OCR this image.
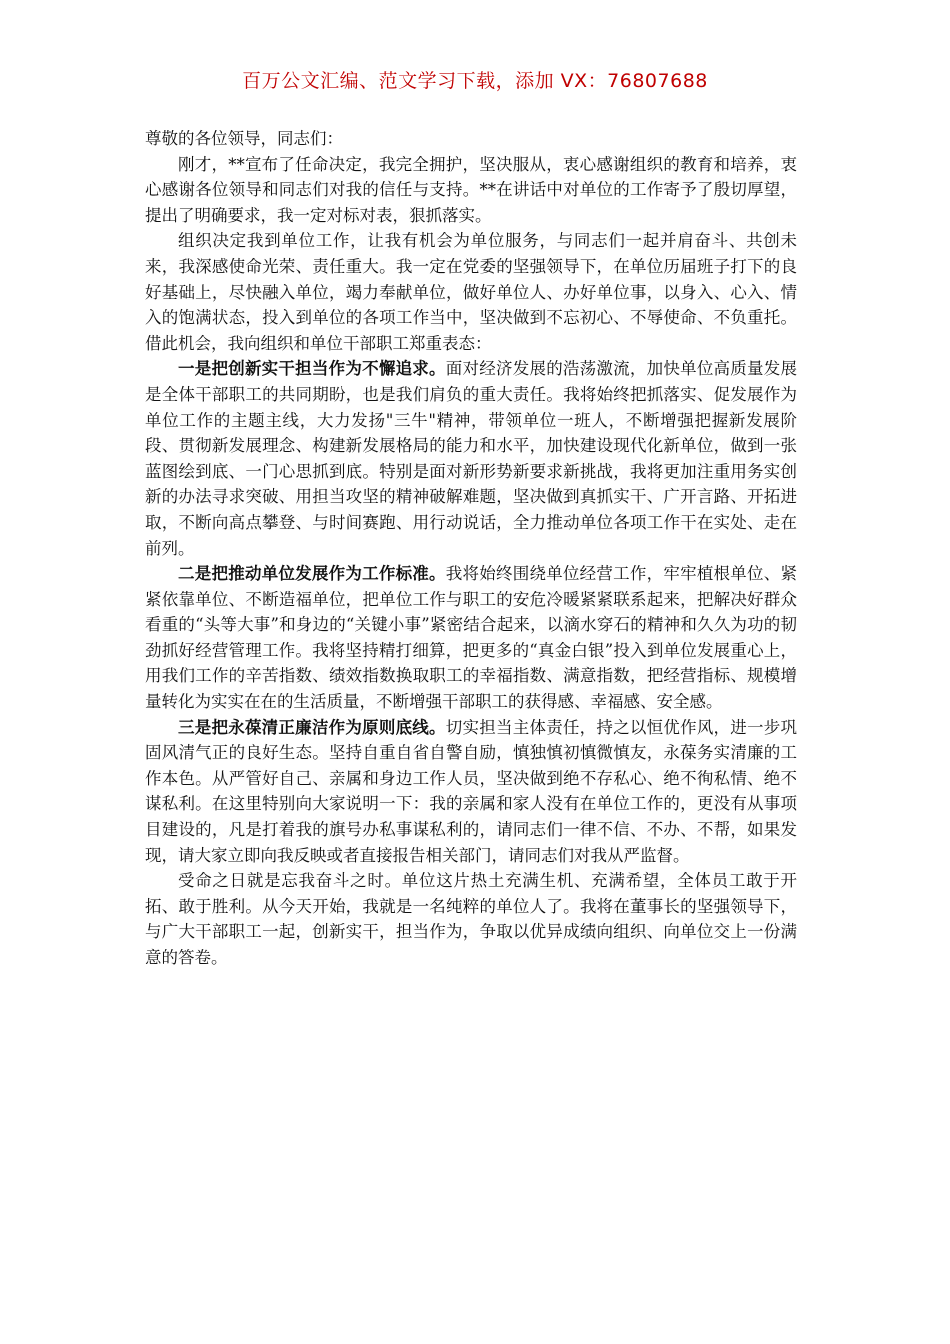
百万公文汇编、范文学习下载，添加 VX：76807688

尊敬的各位领导，同志们：

刚才，**宣布了任命决定，我完全拥护，坚决服从，衷心感谢组织的教育和培养，衷心感谢各位领导和同志们对我的信任与支持。**在讲话中对单位的工作寄予了殷切厚望，提出了明确要求，我一定对标对表，狠抓落实。

组织决定我到单位工作，让我有机会为单位服务，与同志们一起并肩奋斗、共创未来，我深感使命光荣、责任重大。我一定在党委的坚强领导下，在单位历届班子打下的良好基础上，尽快融入单位，竭力奉献单位，做好单位人、办好单位事，以身入、心入、情入的饱满状态，投入到单位的各项工作当中，坚决做到不忘初心、不辱使命、不负重托。借此机会，我向组织和单位干部职工郑重表态：

一是把创新实干担当作为不懈追求。面对经济发展的浩荡激流，加快单位高质量发展是全体干部职工的共同期盼，也是我们肩负的重大责任。我将始终把抓落实、促发展作为单位工作的主题主线，大力发扬"三牛"精神，带领单位一班人，不断增强把握新发展阶段、贯彻新发展理念、构建新发展格局的能力和水平，加快建设现代化新单位，做到一张蓝图绘到底、一门心思抓到底。特别是面对新形势新要求新挑战，我将更加注重用务实创新的办法寻求突破、用担当攻坚的精神破解难题，坚决做到真抓实干、广开言路、开拓进取，不断向高点攀登、与时间赛跑、用行动说话，全力推动单位各项工作干在实处、走在前列。

二是把推动单位发展作为工作标准。我将始终围绕单位经营工作，牢牢植根单位、紧紧依靠单位、不断造福单位，把单位工作与职工的安危冷暖紧紧联系起来，把解决好群众看重的“头等大事”和身边的“关键小事”紧密结合起来，以滴水穿石的精神和久久为功的韧劲抓好经营管理工作。我将坚持精打细算，把更多的“真金白银”投入到单位发展重心上，用我们工作的辛苦指数、绩效指数换取职工的幸福指数、满意指数，把经营指标、规模增量转化为实实在在的生活质量，不断增强干部职工的获得感、幸福感、安全感。

三是把永葆清正廉洁作为原则底线。切实担当主体责任，持之以恒优作风，进一步巩固风清气正的良好生态。坚持自重自省自警自励，慎独慎初慎微慎友，永葆务实清廉的工作本色。从严管好自己、亲属和身边工作人员，坚决做到绝不存私心、绝不徇私情、绝不谋私利。在这里特别向大家说明一下：我的亲属和家人没有在单位工作的，更没有从事项目建设的，凡是打着我的旗号办私事谋私利的，请同志们一律不信、不办、不帮，如果发现，请大家立即向我反映或者直接报告相关部门，请同志们对我从严监督。

受命之日就是忘我奋斗之时。单位这片热土充满生机、充满希望，全体员工敢于开拓、敢于胜利。从今天开始，我就是一名纯粹的单位人了。我将在董事长的坚强领导下，与广大干部职工一起，创新实干，担当作为，争取以优异成绩向组织、向单位交上一份满意的答卷。
